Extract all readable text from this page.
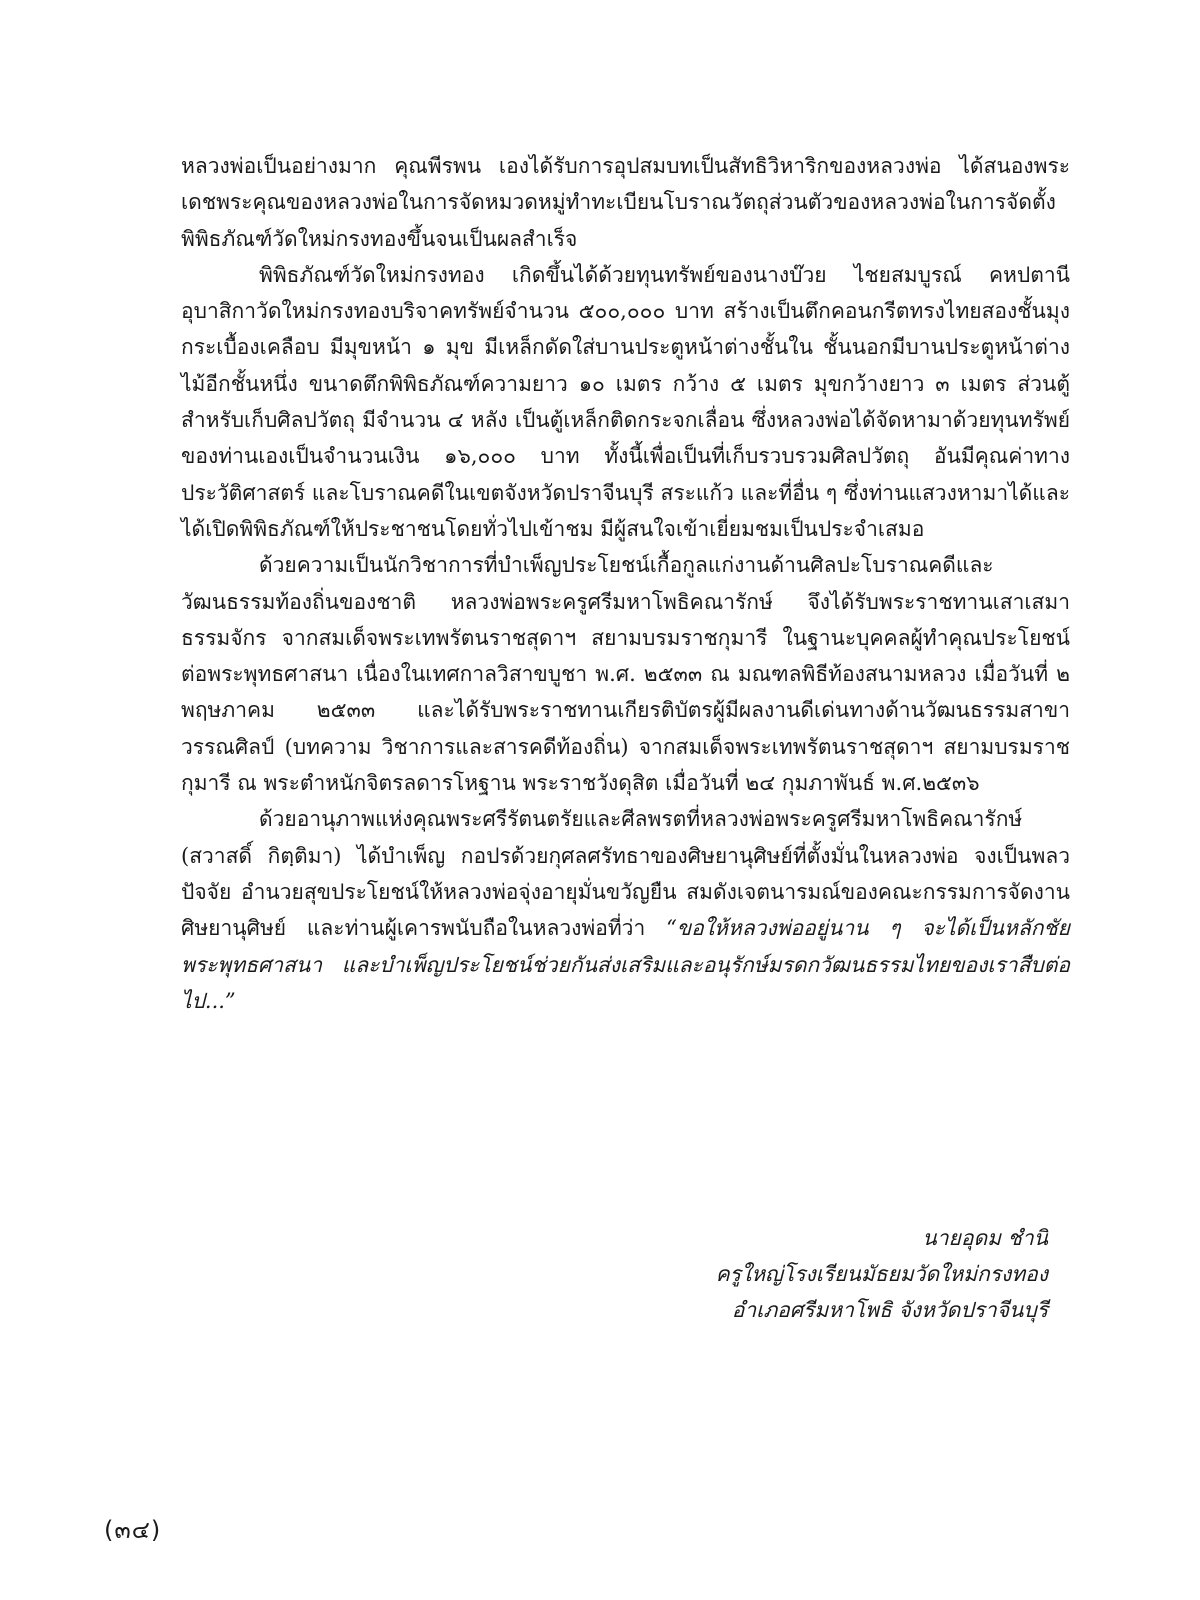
หลวงพ่อเป็นอย่างมาก คุณพีรพน เองได้รับการอุปสมบทเป็นสัทธิวิหาริกของหลวงพ่อ ได้สนองพระเดชพระคุณของหลวงพ่อในการจัดหมวดหมู่ทำทะเบียนโบราณวัตถุส่วนตัวของหลวงพ่อในการจัดตั้งพิพิธภัณฑ์วัดใหม่กรงทองขึ้นจนเป็นผลสำเร็จ

พิพิธภัณฑ์วัดใหม่กรงทอง เกิดขึ้นได้ด้วยทุนทรัพย์ของนางบ๊วย ไชยสมบูรณ์ คหปตานีอุบาสิกาวัดใหม่กรงทองบริจาคทรัพย์จำนวน ๕๐๐,๐๐๐ บาท สร้างเป็นตึกคอนกรีตทรงไทยสองชั้นมุงกระเบื้องเคลือบ มีมุขหน้า ๑ มุข มีเหล็กดัดใส่บานประตูหน้าต่างชั้นใน ชั้นนอกมีบานประตูหน้าต่างไม้อีกชั้นหนึ่ง ขนาดตึกพิพิธภัณฑ์ความยาว ๑๐ เมตร กว้าง ๕ เมตร มุขกว้างยาว ๓ เมตร ส่วนตู้สำหรับเก็บศิลปวัตถุ มีจำนวน ๔ หลัง เป็นตู้เหล็กติดกระจกเลื่อน ซึ่งหลวงพ่อได้จัดหามาด้วยทุนทรัพย์ของท่านเองเป็นจำนวนเงิน ๑๖,๐๐๐ บาท ทั้งนี้เพื่อเป็นที่เก็บรวบรวมศิลปวัตถุ อันมีคุณค่าทางประวัติศาสตร์ และโบราณคดีในเขตจังหวัดปราจีนบุรี สระแก้ว และที่อื่น ๆ ซึ่งท่านแสวงหามาได้และได้เปิดพิพิธภัณฑ์ให้ประชาชนโดยทั่วไปเข้าชม มีผู้สนใจเข้าเยี่ยมชมเป็นประจำเสมอ

ด้วยความเป็นนักวิชาการที่บำเพ็ญประโยชน์เกื้อกูลแก่งานด้านศิลปะโบราณคดีและวัฒนธรรมท้องถิ่นของชาติ หลวงพ่อพระครูศรีมหาโพธิคณารักษ์ จึงได้รับพระราชทานเสาเสมาธรรมจักร จากสมเด็จพระเทพรัตนราชสุดาฯ สยามบรมราชกุมารี ในฐานะบุคคลผู้ทำคุณประโยชน์ต่อพระพุทธศาสนา เนื่องในเทศกาลวิสาขบูชา พ.ศ. ๒๕๓๓ ณ มณฑลพิธีท้องสนามหลวง เมื่อวันที่ ๒ พฤษภาคม ๒๕๓๓ และได้รับพระราชทานเกียรติบัตรผู้มีผลงานดีเด่นทางด้านวัฒนธรรมสาขาวรรณศิลป์ (บทความ วิชาการและสารคดีท้องถิ่น) จากสมเด็จพระเทพรัตนราชสุดาฯ สยามบรมราชกุมารี ณ พระตำหนักจิตรลดารโหฐาน พระราชวังดุสิต เมื่อวันที่ ๒๔ กุมภาพันธ์ พ.ศ.๒๕๓๖

ด้วยอานุภาพแห่งคุณพระศรีรัตนตรัยและศีลพรตที่หลวงพ่อพระครูศรีมหาโพธิคณารักษ์ (สวาสดิ์ กิตฺติมา) ได้บำเพ็ญ กอปรด้วยกุศลศรัทธาของศิษยานุศิษย์ที่ตั้งมั่นในหลวงพ่อ จงเป็นพลวปัจจัย อำนวยสุขประโยชน์ให้หลวงพ่อจุ่งอายุมั่นขวัญยืน สมดังเจตนารมณ์ของคณะกรรมการจัดงาน ศิษยานุศิษย์ และท่านผู้เคารพนับถือในหลวงพ่อที่ว่า “ขอให้หลวงพ่ออยู่นาน ๆ จะได้เป็นหลักชัยพระพุทธศาสนา และบำเพ็ญประโยชน์ช่วยกันส่งเสริมและอนุรักษ์มรดกวัฒนธรรมไทยของเราสืบต่อไป...”

นายอุดม ชำนิ
ครูใหญ่โรงเรียนมัธยมวัดใหม่กรงทอง
อำเภอศรีมหาโพธิ จังหวัดปราจีนบุรี
(๓๔)
